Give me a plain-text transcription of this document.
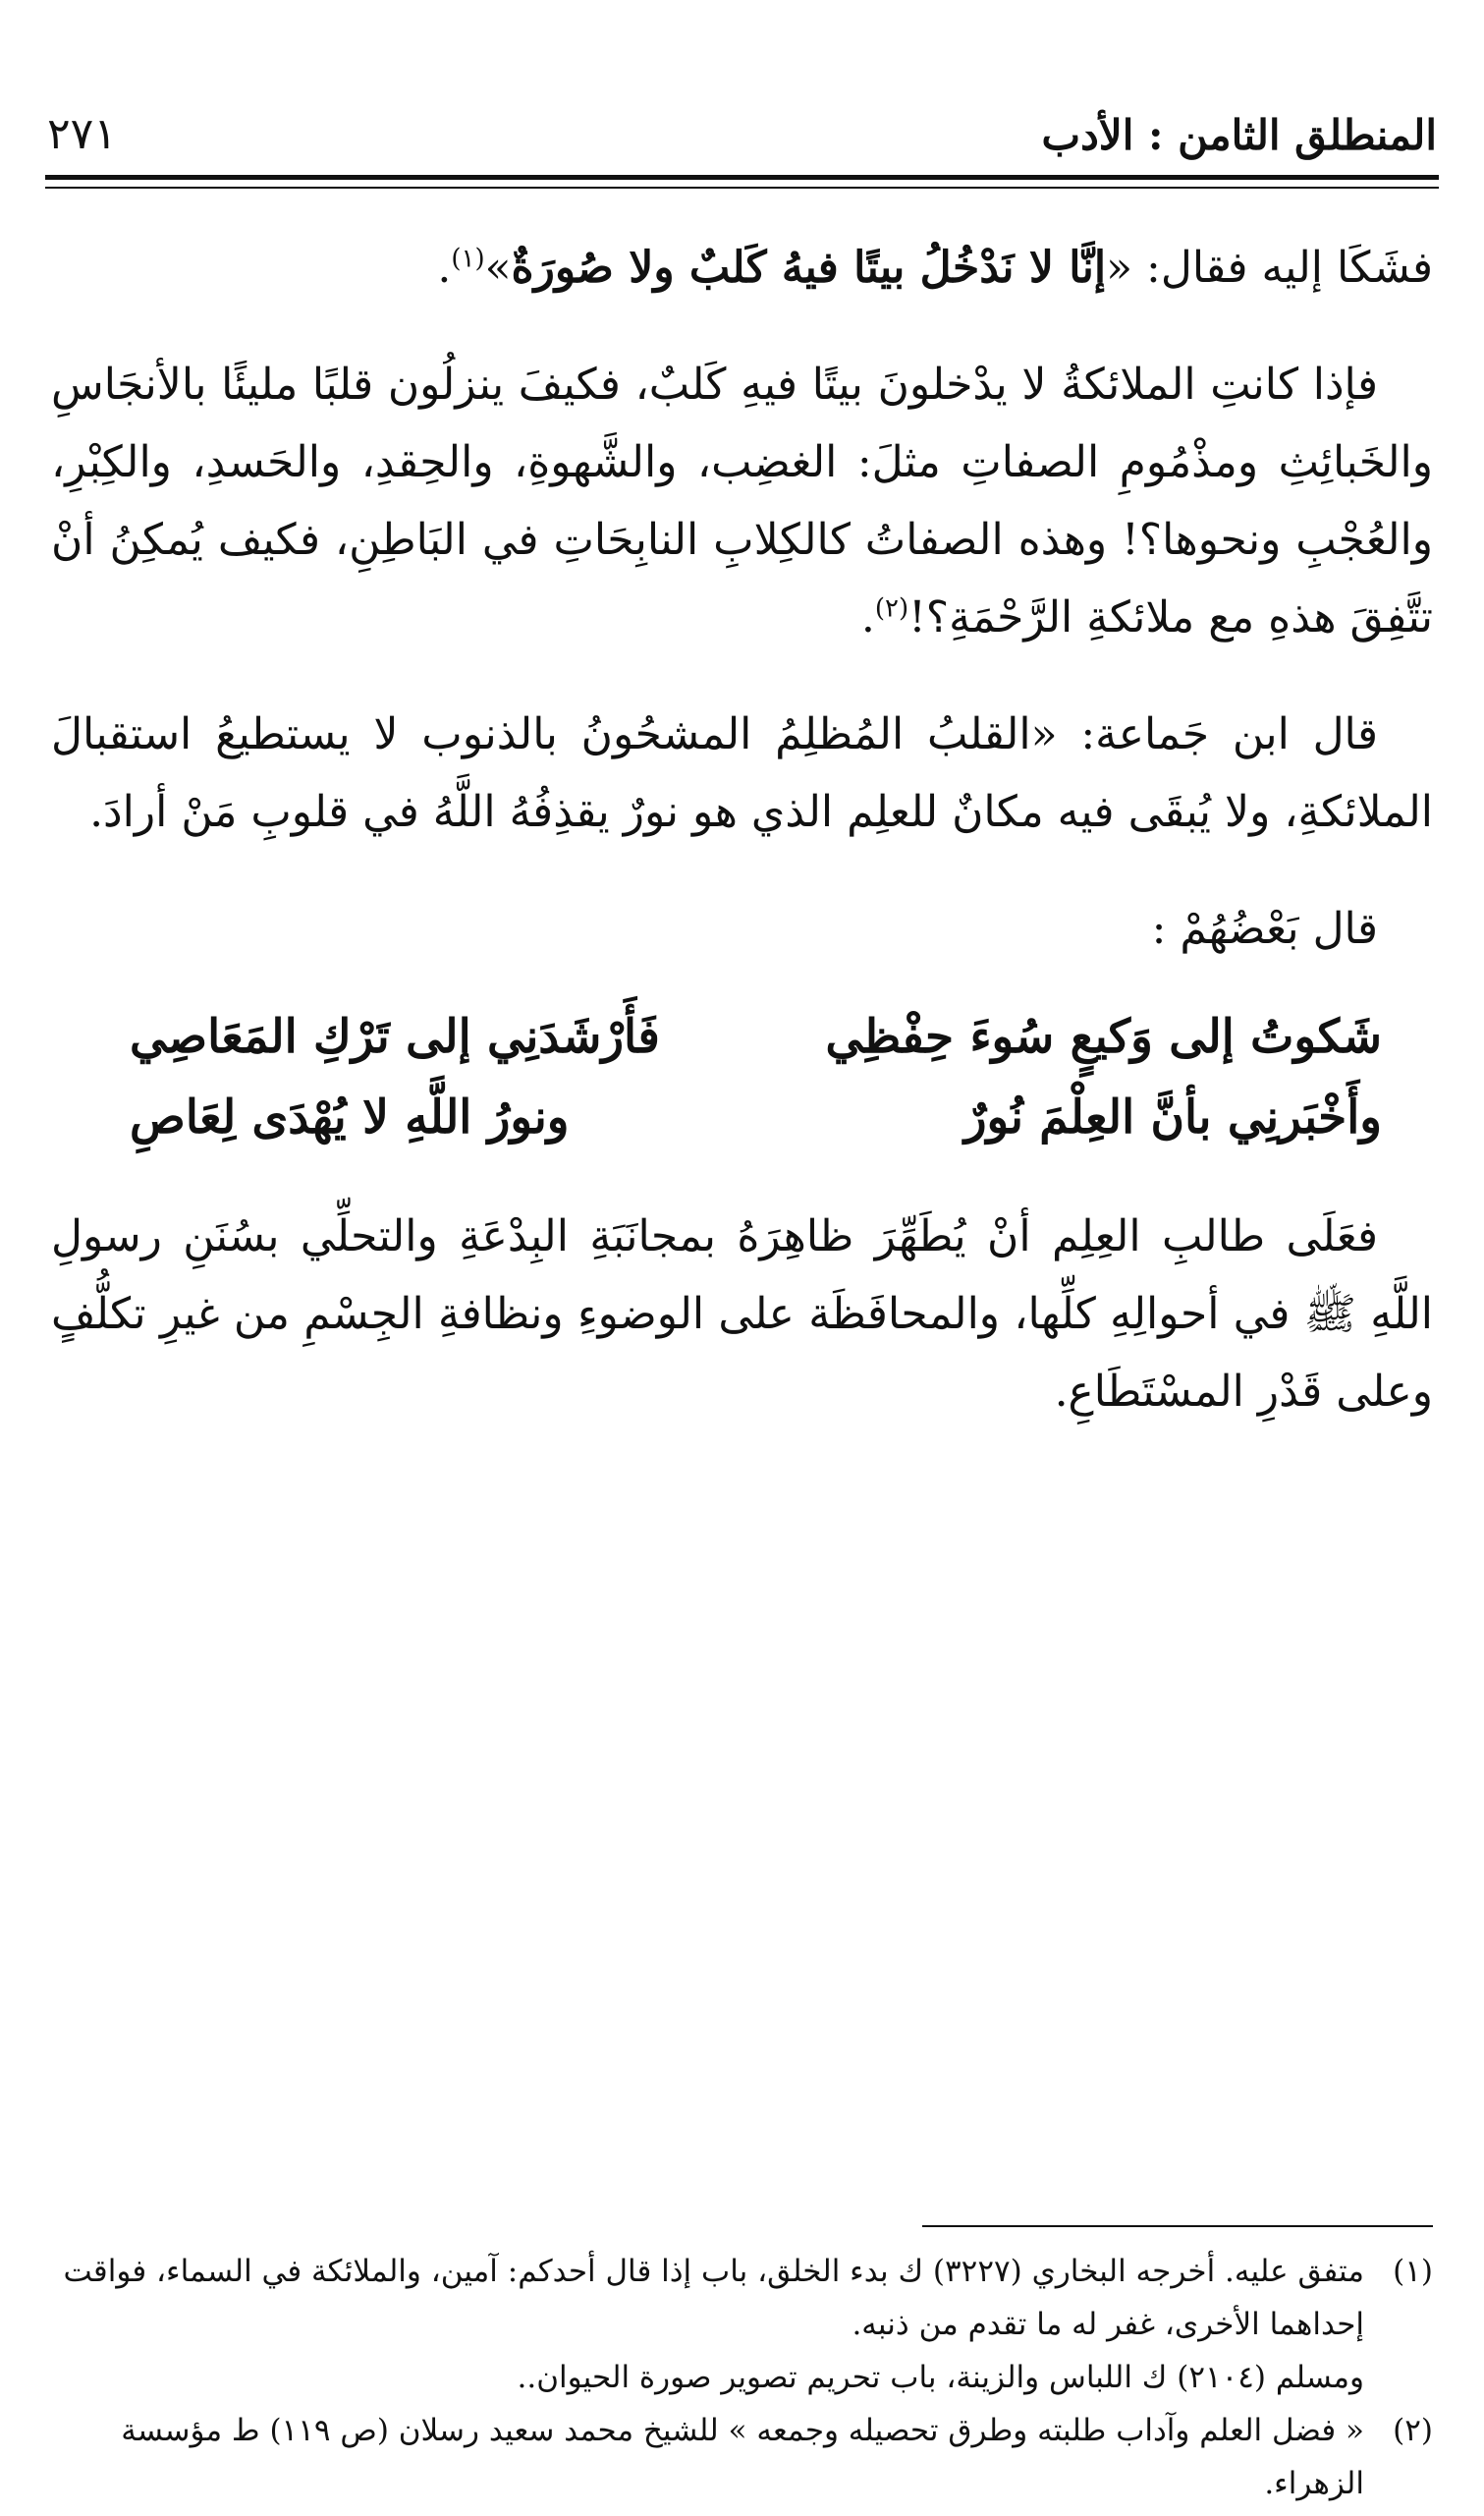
٢٧١	المنطلق الثامن : الأدب

فشَكَا إليه فقال: «إنَّا لا نَدْخُلُ بيتًا فيهُ كَلبٌ ولا صُورَةٌ»$^{(١)}$.

فإذا كانتِ الملائكةُ لا يدْخلونَ بيتًا فيهِ كَلبٌ، فكيفَ ينزلُون قلبًا مليئًا بالأنجَاسِ والخَبائِثِ ومذْمُومِ الصفاتِ مثلَ: الغضِب، والشَّهوةِ، والحِقدِ، والحَسدِ، والكِبْرِ، والعُجْبِ ونحوها؟! وهذه الصفاتُ كالكِلابِ النابِحَاتِ في البَاطِنِ، فكيف يُمكِنُ أنْ تتَّفِقَ هذهِ مع ملائكةِ الرَّحْمَةِ؟!$^{(٢)}$.

قال ابن جَماعة: «القلبُ المُظلِمُ المشحُونُ بالذنوب لا يستطيعُ استقبالَ الملائكةِ، ولا يُبقَى فيه مكانٌ للعلِم الذي هو نورٌ يقذِفُهُ اللَّهُ في قلوبِ مَنْ أرادَ.

قال بَعْضُهُمْ :

شَكوتُ إلى وَكيعٍ سُوءَ حِفْظِي
فَأَرْشَدَنِي إلى تَرْكِ المَعَاصِي
وأَخْبَرنِي بأنَّ العِلْمَ نُورٌ
ونورُ اللَّهِ لا يُهْدَى لِعَاصِ

فعَلَى طالبِ العِلِم أنْ يُطَهِّرَ ظاهِرَهُ بمجانَبَةِ البِدْعَةِ والتحلِّي بسُنَنِ رسولِ اللَّهِ ﷺ في أحوالِهِ كلِّها، والمحافَظَة على الوضوءِ ونظافةِ الجِسْمِ من غيرِ تكلُّفٍ وعلى قَدْرِ المسْتَطَاعِ.

(١)

متفق عليه. أخرجه البخاري (٣٢٢٧) ك بدء الخلق، باب إذا قال أحدكم: آمين، والملائكة في السماء، فواقت إحداهما الأخرى، غفر له ما تقدم من ذنبه.

ومسلم (٢١٠٤) ك اللباس والزينة، باب تحريم تصوير صورة الحيوان..

(٢)

« فضل العلم وآداب طلبته وطرق تحصيله وجمعه » للشيخ محمد سعيد رسلان (ص ١١٩) ط مؤسسة الزهراء.
